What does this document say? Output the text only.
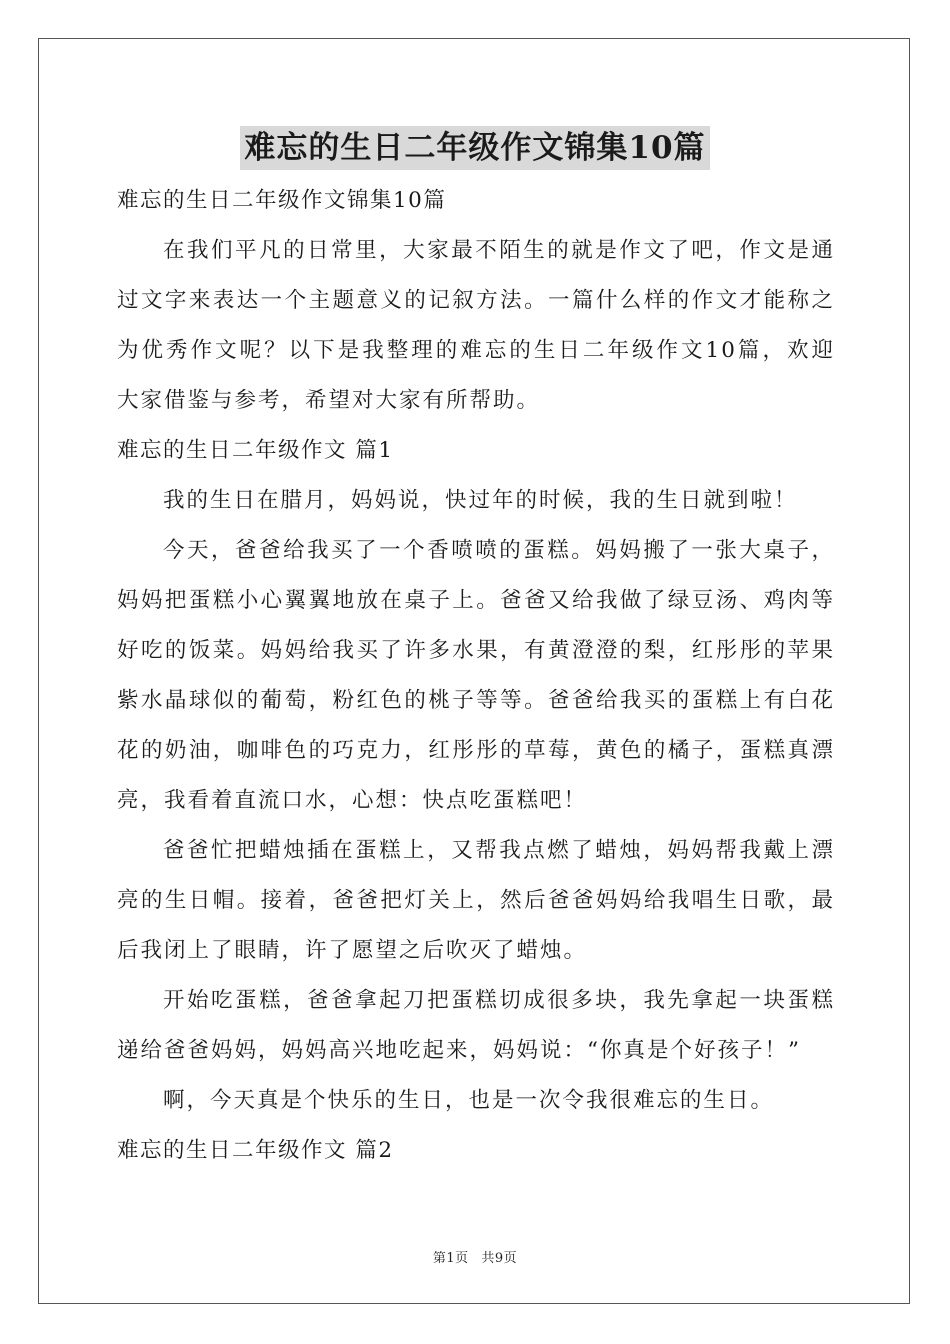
难忘的生日二年级作文锦集10篇

难忘的生日二年级作文锦集10篇

在我们平凡的日常里，大家最不陌生的就是作文了吧，作文是通

过文字来表达一个主题意义的记叙方法。一篇什么样的作文才能称之

为优秀作文呢？以下是我整理的难忘的生日二年级作文10篇，欢迎

大家借鉴与参考，希望对大家有所帮助。

难忘的生日二年级作文 篇1

我的生日在腊月，妈妈说，快过年的时候，我的生日就到啦！

今天，爸爸给我买了一个香喷喷的蛋糕。妈妈搬了一张大桌子，

妈妈把蛋糕小心翼翼地放在桌子上。爸爸又给我做了绿豆汤、鸡肉等

好吃的饭菜。妈妈给我买了许多水果，有黄澄澄的梨，红彤彤的苹果

紫水晶球似的葡萄，粉红色的桃子等等。爸爸给我买的蛋糕上有白花

花的奶油，咖啡色的巧克力，红彤彤的草莓，黄色的橘子，蛋糕真漂

亮，我看着直流口水，心想：快点吃蛋糕吧！

爸爸忙把蜡烛插在蛋糕上，又帮我点燃了蜡烛，妈妈帮我戴上漂

亮的生日帽。接着，爸爸把灯关上，然后爸爸妈妈给我唱生日歌，最

后我闭上了眼睛，许了愿望之后吹灭了蜡烛。

开始吃蛋糕，爸爸拿起刀把蛋糕切成很多块，我先拿起一块蛋糕

递给爸爸妈妈，妈妈高兴地吃起来，妈妈说：“你真是个好孩子！”

啊，今天真是个快乐的生日，也是一次令我很难忘的生日。

难忘的生日二年级作文 篇2

第1页 共9页
